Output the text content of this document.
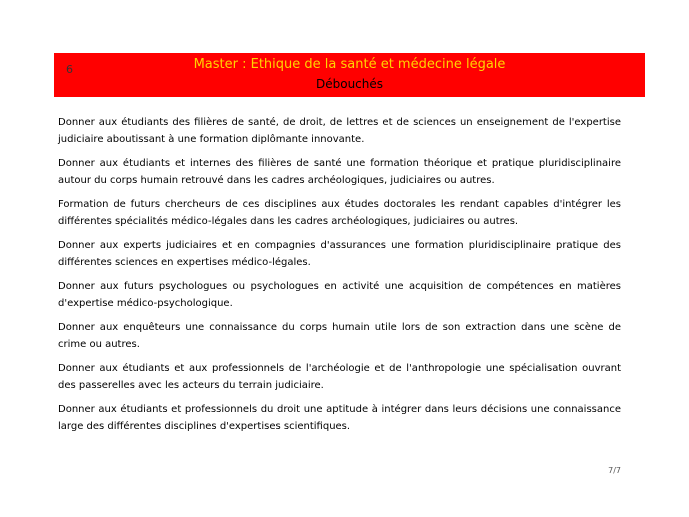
6	Master : Ethique de la santé et médecine légale
Débouchés

Donner aux étudiants des filières de santé, de droit, de lettres et de sciences un enseignement de l'expertise judiciaire aboutissant à une formation diplômante innovante.

Donner aux étudiants et internes des filières de santé une formation théorique et pratique pluridisciplinaire autour du corps humain retrouvé dans les cadres archéologiques, judiciaires ou autres.

Formation de futurs chercheurs de ces disciplines aux études doctorales les rendant capables d'intégrer les différentes spécialités médico-légales dans les cadres archéologiques, judiciaires ou autres.

Donner aux experts judiciaires et en compagnies d'assurances une formation pluridisciplinaire pratique des différentes sciences en expertises médico-légales.

Donner aux futurs psychologues ou psychologues en activité une acquisition de compétences en matières d'expertise médico-psychologique.

Donner aux enquêteurs une connaissance du corps humain utile lors de son extraction dans une scène de crime ou autres.

Donner aux étudiants et aux professionnels de l'archéologie et de l'anthropologie une spécialisation ouvrant des passerelles avec les acteurs du terrain judiciaire.

Donner aux étudiants et professionnels du droit une aptitude à intégrer dans leurs décisions une connaissance large des différentes disciplines d'expertises scientifiques.

7/7
